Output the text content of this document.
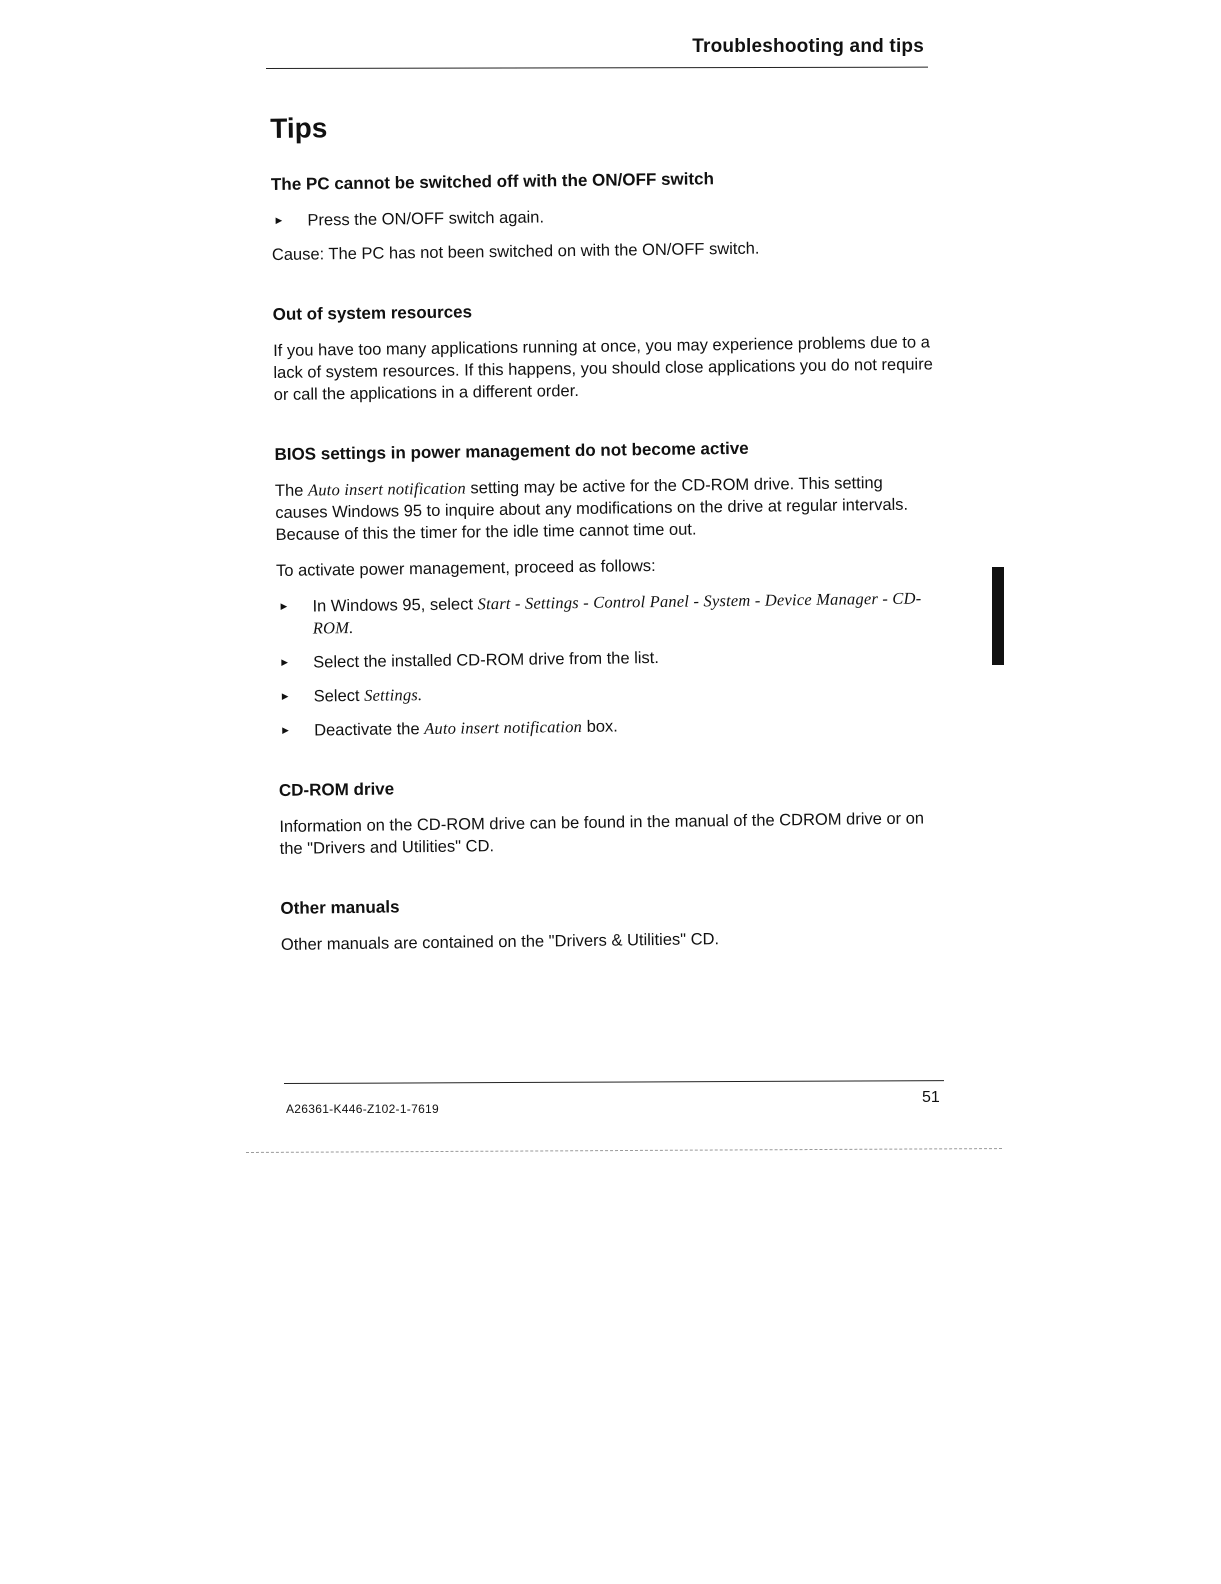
Troubleshooting and tips
Tips
The PC cannot be switched off with the ON/OFF switch
► Press the ON/OFF switch again.

Cause: The PC has not been switched on with the ON/OFF switch.

Out of system resources

If you have too many applications running at once, you may experience problems due to a lack of system resources. If this happens, you should close applications you do not require or call the applications in a different order.

BIOS settings in power management do not become active

The Auto insert notification setting may be active for the CD-ROM drive. This setting causes Windows 95 to inquire about any modifications on the drive at regular intervals. Because of this the timer for the idle time cannot time out.

To activate power management, proceed as follows:

► In Windows 95, select Start - Settings - Control Panel - System - Device Manager - CD-ROM.
► Select the installed CD-ROM drive from the list.
► Select Settings.
► Deactivate the Auto insert notification box.
CD-ROM drive

Information on the CD-ROM drive can be found in the manual of the CDROM drive or on the "Drivers and Utilities" CD.

Other manuals

Other manuals are contained on the "Drivers & Utilities" CD.

A26361-K446-Z102-1-7619
51
